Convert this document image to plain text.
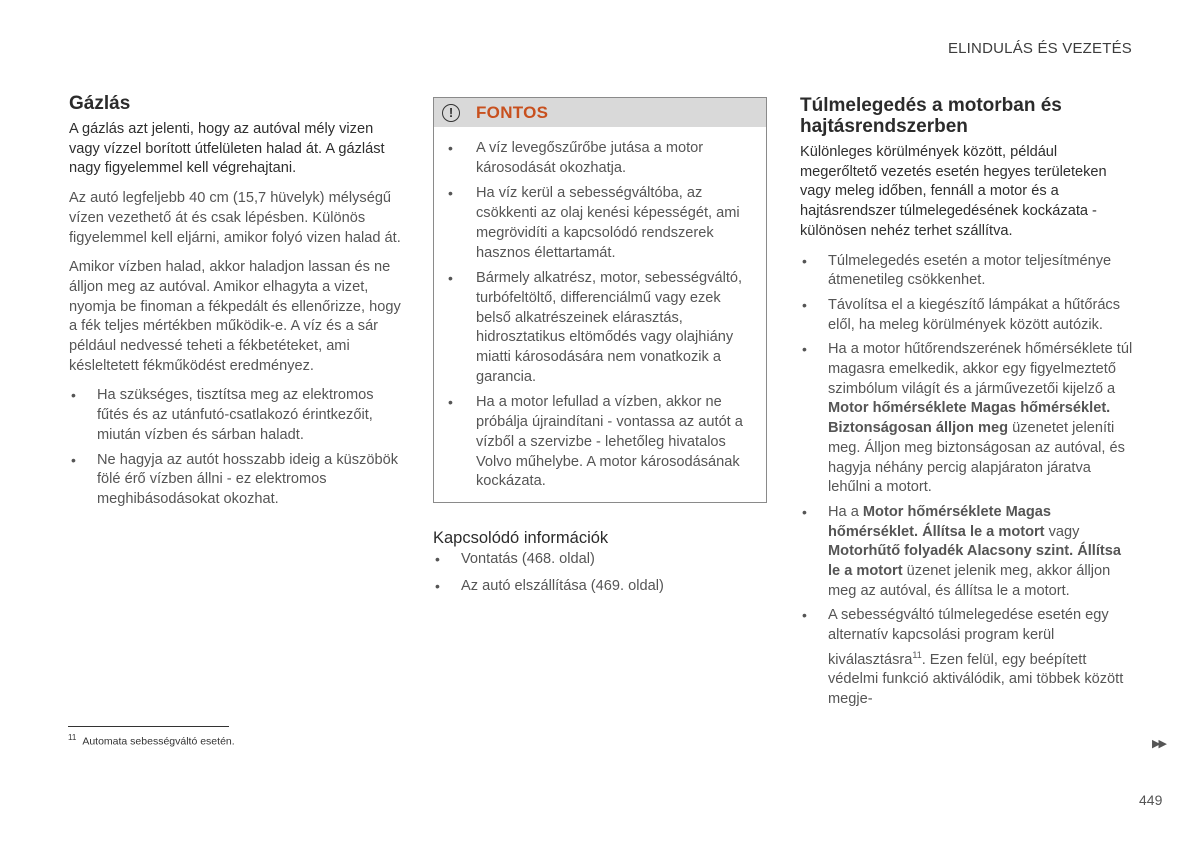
ELINDULÁS ÉS VEZETÉS
Gázlás

A gázlás azt jelenti, hogy az autóval mély vizen vagy vízzel borított útfelületen halad át. A gázlást nagy figyelemmel kell végrehajtani.

Az autó legfeljebb 40 cm (15,7 hüvelyk) mélységű vízen vezethető át és csak lépésben. Különös figyelemmel kell eljárni, amikor folyó vizen halad át.

Amikor vízben halad, akkor haladjon lassan és ne álljon meg az autóval. Amikor elhagyta a vizet, nyomja be finoman a fékpedált és ellenőrizze, hogy a fék teljes mértékben működik-e. A víz és a sár például nedvessé teheti a fékbetéteket, ami késleltetett fékműködést eredményez.

• Ha szükséges, tisztítsa meg az elektromos fűtés és az utánfutó-csatlakozó érintkezőit, miután vízben és sárban haladt.
• Ne hagyja az autót hosszabb ideig a küszöbök fölé érő vízben állni - ez elektromos meghibásodásokat okozhat.
!	FONTOS
• A víz levegőszűrőbe jutása a motor károsodását okozhatja.
• Ha víz kerül a sebességváltóba, az csökkenti az olaj kenési képességét, ami megrövidíti a kapcsolódó rendszerek hasznos élettartamát.
• Bármely alkatrész, motor, sebességváltó, turbófeltöltő, differenciálmű vagy ezek belső alkatrészeinek elárasztás, hidrosztatikus eltömődés vagy olajhiány miatti károsodására nem vonatkozik a garancia.
• Ha a motor lefullad a vízben, akkor ne próbálja újraindítani - vontassa az autót a vízből a szervizbe - lehetőleg hivatalos Volvo műhelybe. A motor károsodásának kockázata.
Kapcsolódó információk
• Vontatás (468. oldal)
• Az autó elszállítása (469. oldal)
Túlmelegedés a motorban és hajtásrendszerben

Különleges körülmények között, például megerőltető vezetés esetén hegyes területeken vagy meleg időben, fennáll a motor és a hajtásrendszer túlmelegedésének kockázata - különösen nehéz terhet szállítva.

• Túlmelegedés esetén a motor teljesítménye átmenetileg csökkenhet.
• Távolítsa el a kiegészítő lámpákat a hűtőrács elől, ha meleg körülmények között autózik.
• Ha a motor hűtőrendszerének hőmérséklete túl magasra emelkedik, akkor egy figyelmeztető szimbólum világít és a járművezetői kijelző a Motor hőmérséklete Magas hőmérséklet. Biztonságosan álljon meg üzenetet jeleníti meg. Álljon meg biztonságosan az autóval, és hagyja néhány percig alapjáraton járatva lehűlni a motort.
• Ha a Motor hőmérséklete Magas hőmérséklet. Állítsa le a motort vagy Motorhűtő folyadék Alacsony szint. Állítsa le a motort üzenet jelenik meg, akkor álljon meg az autóval, és állítsa le a motort.
• A sebességváltó túlmelegedése esetén egy alternatív kapcsolási program kerül kiválasztásra$^{11}$. Ezen felül, egy beépített védelmi funkció aktiválódik, ami többek között megje-
$^{11}$ Automata sebességváltó esetén.	▶▶
449
